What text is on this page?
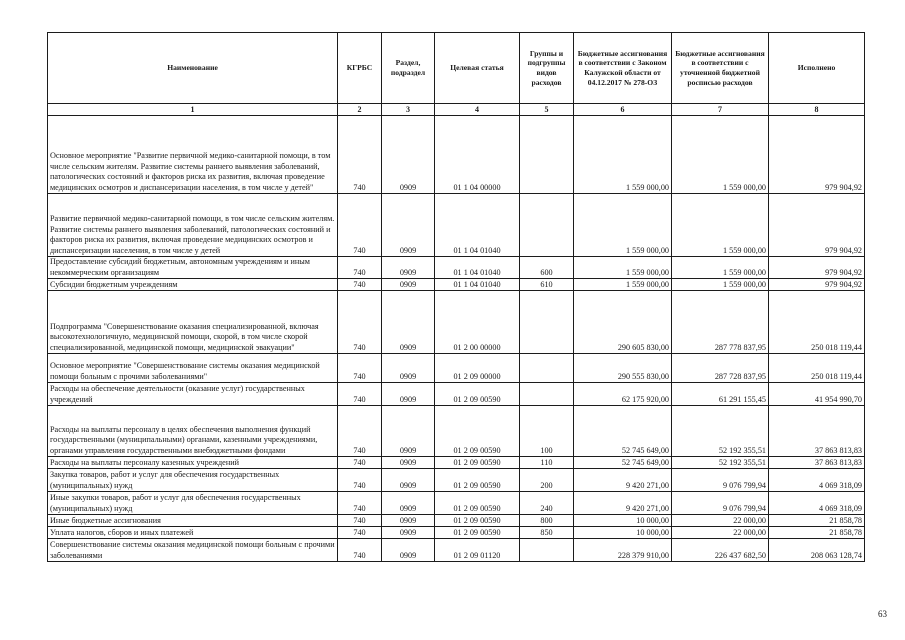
Наименование	КГРБС	Раздел, подраздел	Целевая статья	Группы и подгруппы видов расходов	Бюджетные ассигнования в соответствии с Законом Калужской области от 04.12.2017 № 278-ОЗ	Бюджетные ассигнования в соответствии с уточненной бюджетной росписью расходов	Исполнено
1	2	3	4	5	6	7	8
Основное мероприятие "Развитие первичной медико-санитарной помощи, в том числе сельским жителям. Развитие системы раннего выявления заболеваний, патологических состояний и факторов риска их развития, включая проведение медицинских осмотров и диспансеризации населения, в том числе у детей"	740	0909	01 1 04 00000		1 559 000,00	1 559 000,00	979 904,92
Развитие первичной медико-санитарной помощи, в том числе сельским жителям. Развитие системы раннего выявления заболеваний, патологических состояний и факторов риска их развития, включая проведение медицинских осмотров и диспансеризации населения, в том числе у детей	740	0909	01 1 04 01040		1 559 000,00	1 559 000,00	979 904,92
Предоставление субсидий бюджетным, автономным учреждениям и иным некоммерческим организациям	740	0909	01 1 04 01040	600	1 559 000,00	1 559 000,00	979 904,92
Субсидии бюджетным учреждениям	740	0909	01 1 04 01040	610	1 559 000,00	1 559 000,00	979 904,92
Подпрограмма "Совершенствование оказания специализированной, включая высокотехнологичную, медицинской помощи, скорой, в том числе скорой специализированной, медицинской помощи, медицинской эвакуации"	740	0909	01 2 00 00000		290 605 830,00	287 778 837,95	250 018 119,44
Основное мероприятие "Совершенствование системы оказания медицинской помощи больным с прочими заболеваниями"	740	0909	01 2 09 00000		290 555 830,00	287 728 837,95	250 018 119,44
Расходы на обеспечение деятельности (оказание услуг) государственных учреждений	740	0909	01 2 09 00590		62 175 920,00	61 291 155,45	41 954 990,70
Расходы на выплаты персоналу в целях обеспечения выполнения функций государственными (муниципальными) органами, казенными учреждениями, органами управления государственными внебюджетными фондами	740	0909	01 2 09 00590	100	52 745 649,00	52 192 355,51	37 863 813,83
Расходы на выплаты персоналу казенных учреждений	740	0909	01 2 09 00590	110	52 745 649,00	52 192 355,51	37 863 813,83
Закупка товаров, работ и услуг для обеспечения государственных (муниципальных) нужд	740	0909	01 2 09 00590	200	9 420 271,00	9 076 799,94	4 069 318,09
Иные закупки товаров, работ и услуг для обеспечения государственных (муниципальных) нужд	740	0909	01 2 09 00590	240	9 420 271,00	9 076 799,94	4 069 318,09
Иные бюджетные ассигнования	740	0909	01 2 09 00590	800	10 000,00	22 000,00	21 858,78
Уплата налогов, сборов и иных платежей	740	0909	01 2 09 00590	850	10 000,00	22 000,00	21 858,78
Совершенствование системы оказания медицинской помощи больным с прочими заболеваниями	740	0909	01 2 09 01120		228 379 910,00	226 437 682,50	208 063 128,74
63
